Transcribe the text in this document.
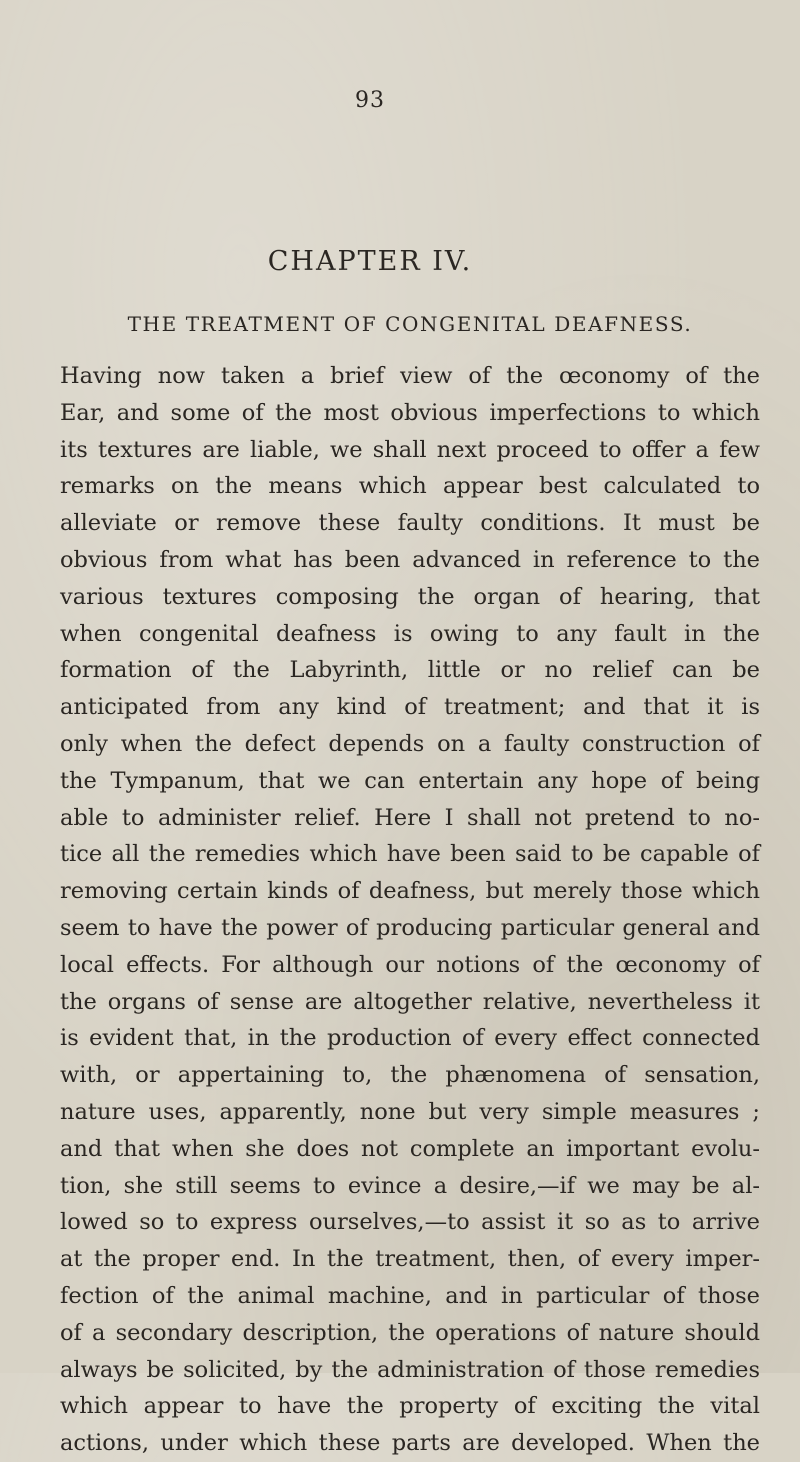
93
CHAPTER IV.
THE TREATMENT OF CONGENITAL DEAFNESS.
Having now taken a brief view of the œconomy of the
Ear, and some of the most obvious imperfections to which
its textures are liable, we shall next proceed to offer a few
remarks on the means which appear best calculated to
alleviate or remove these faulty conditions. It must be
obvious from what has been advanced in reference to the
various textures composing the organ of hearing, that
when congenital deafness is owing to any fault in the
formation of the Labyrinth, little or no relief can be
anticipated from any kind of treatment; and that it is
only when the defect depends on a faulty construction of
the Tympanum, that we can entertain any hope of being
able to administer relief. Here I shall not pretend to no-
tice all the remedies which have been said to be capable of
removing certain kinds of deafness, but merely those which
seem to have the power of producing particular general and
local effects. For although our notions of the œconomy of
the organs of sense are altogether relative, nevertheless it
is evident that, in the production of every effect connected
with, or appertaining to, the phænomena of sensation,
nature uses, apparently, none but very simple measures ;
and that when she does not complete an important evolu-
tion, she still seems to evince a desire,—if we may be al-
lowed so to express ourselves,—to assist it so as to arrive
at the proper end. In the treatment, then, of every imper-
fection of the animal machine, and in particular of those
of a secondary description, the operations of nature should
always be solicited, by the administration of those remedies
which appear to have the property of exciting the vital
actions, under which these parts are developed. When the
